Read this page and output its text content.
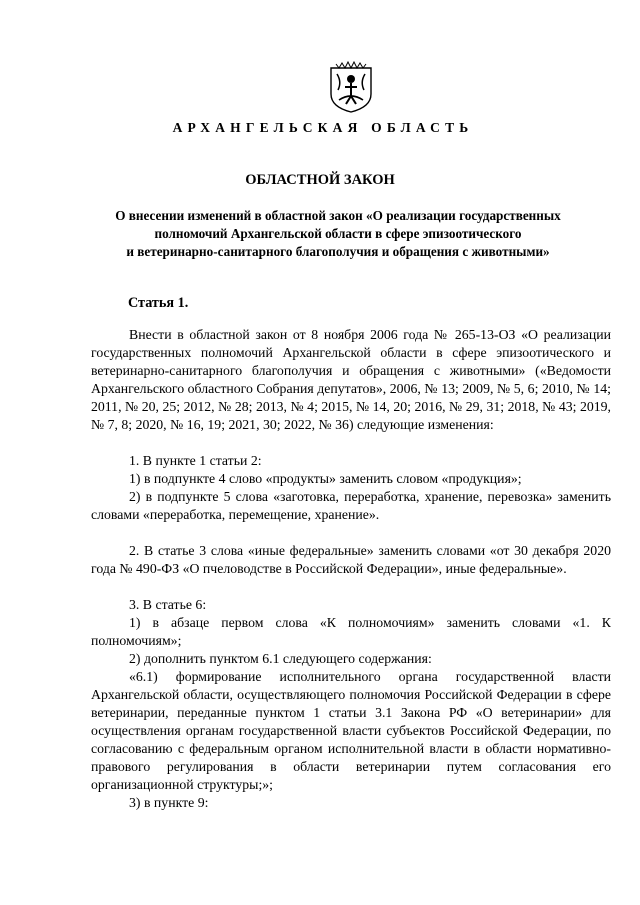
АРХАНГЕЛЬСКАЯ ОБЛАСТЬ
ОБЛАСТНОЙ ЗАКОН
О внесении изменений в областной закон «О реализации государственных
полномочий Архангельской области в сфере эпизоотического
и ветеринарно-санитарного благополучия и обращения с животными»
Статья 1.

Внести в областной закон от 8 ноября 2006 года № 265-13-ОЗ «О реализации государственных полномочий Архангельской области в сфере эпизоотического и ветеринарно-санитарного благополучия и обращения с животными» («Ведомости Архангельского областного Собрания депутатов», 2006, № 13; 2009, № 5, 6; 2010, № 14; 2011, № 20, 25; 2012, № 28; 2013, № 4; 2015, № 14, 20; 2016, № 29, 31; 2018, № 43; 2019, № 7, 8; 2020, № 16, 19; 2021, 30; 2022, № 36) следующие изменения:

1. В пункте 1 статьи 2:

1) в подпункте 4 слово «продукты» заменить словом «продукция»;

2) в подпункте 5 слова «заготовка, переработка, хранение, перевозка» заменить словами «переработка, перемещение, хранение».

2. В статье 3 слова «иные федеральные» заменить словами «от 30 декабря 2020 года № 490-ФЗ «О пчеловодстве в Российской Федерации», иные федеральные».

3. В статье 6:

1) в абзаце первом слова «К полномочиям» заменить словами «1. К полномочиям»;

2) дополнить пунктом 6.1 следующего содержания:

«6.1) формирование исполнительного органа государственной власти Архангельской области, осуществляющего полномочия Российской Федерации в сфере ветеринарии, переданные пунктом 1 статьи 3.1 Закона РФ «О ветеринарии» для осуществления органам государственной власти субъектов Российской Федерации, по согласованию с федеральным органом исполнительной власти в области нормативно-правового регулирования в области ветеринарии путем согласования его организационной структуры;»;

3) в пункте 9:
